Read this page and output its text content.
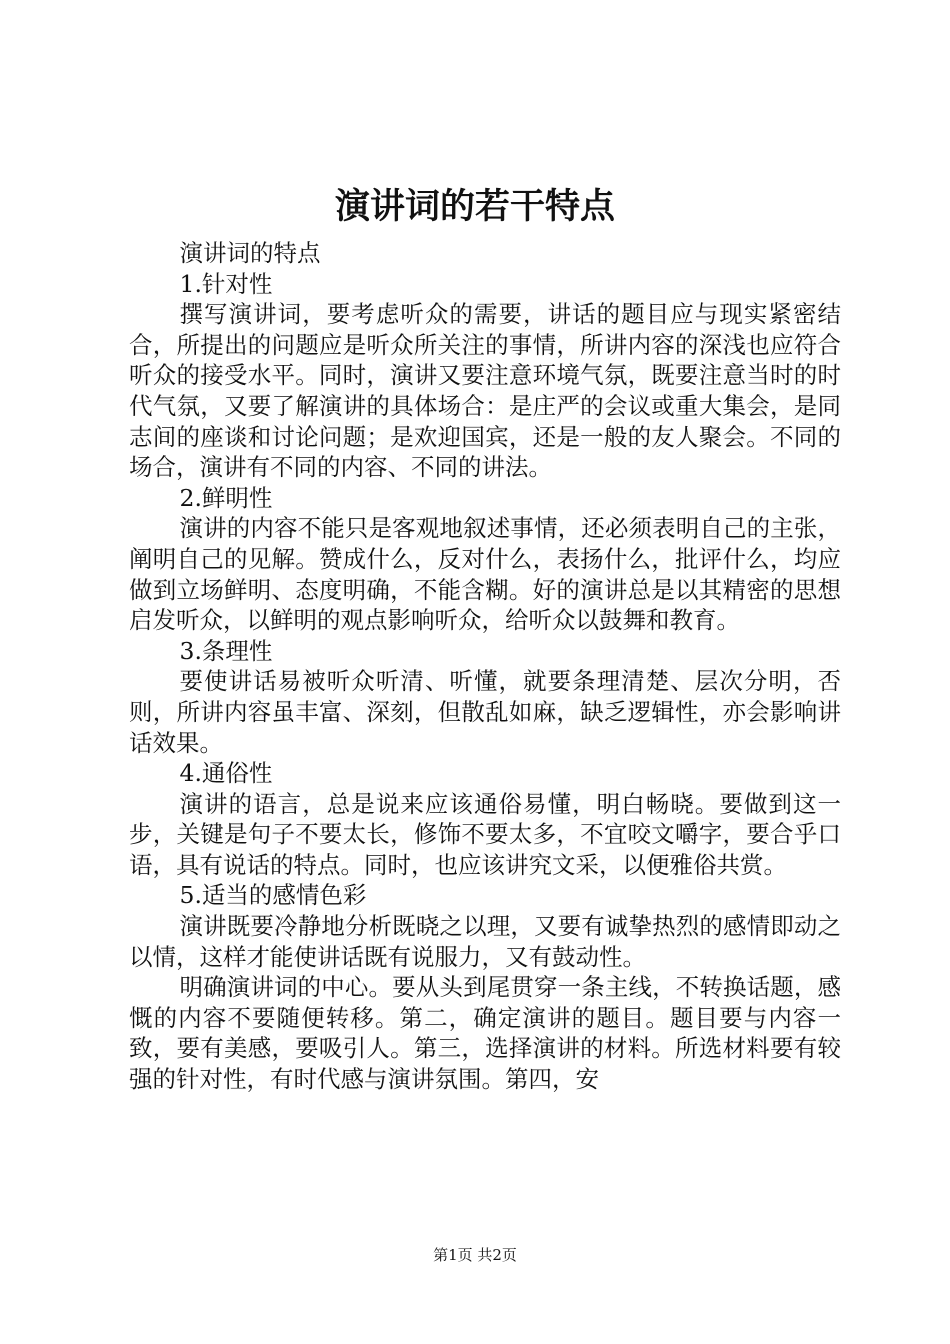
演讲词的若干特点

演讲词的特点

1.针对性

撰写演讲词，要考虑听众的需要，讲话的题目应与现实紧密结合，所提出的问题应是听众所关注的事情，所讲内容的深浅也应符合听众的接受水平。同时，演讲又要注意环境气氛，既要注意当时的时代气氛，又要了解演讲的具体场合：是庄严的会议或重大集会，是同志间的座谈和讨论问题；是欢迎国宾，还是一般的友人聚会。不同的场合，演讲有不同的内容、不同的讲法。

2.鲜明性

演讲的内容不能只是客观地叙述事情，还必须表明自己的主张，阐明自己的见解。赞成什么，反对什么，表扬什么，批评什么，均应做到立场鲜明、态度明确，不能含糊。好的演讲总是以其精密的思想启发听众，以鲜明的观点影响听众，给听众以鼓舞和教育。

3.条理性

要使讲话易被听众听清、听懂，就要条理清楚、层次分明，否则，所讲内容虽丰富、深刻，但散乱如麻，缺乏逻辑性，亦会影响讲话效果。

4.通俗性

演讲的语言，总是说来应该通俗易懂，明白畅晓。要做到这一步，关键是句子不要太长，修饰不要太多，不宜咬文嚼字，要合乎口语，具有说话的特点。同时，也应该讲究文采，以便雅俗共赏。

5.适当的感情色彩

演讲既要冷静地分析既晓之以理，又要有诚挚热烈的感情即动之以情，这样才能使讲话既有说服力，又有鼓动性。

明确演讲词的中心。要从头到尾贯穿一条主线，不转换话题，感慨的内容不要随便转移。第二，确定演讲的题目。题目要与内容一致，要有美感，要吸引人。第三，选择演讲的材料。所选材料要有较强的针对性，有时代感与演讲氛围。第四，安

第1页 共2页
